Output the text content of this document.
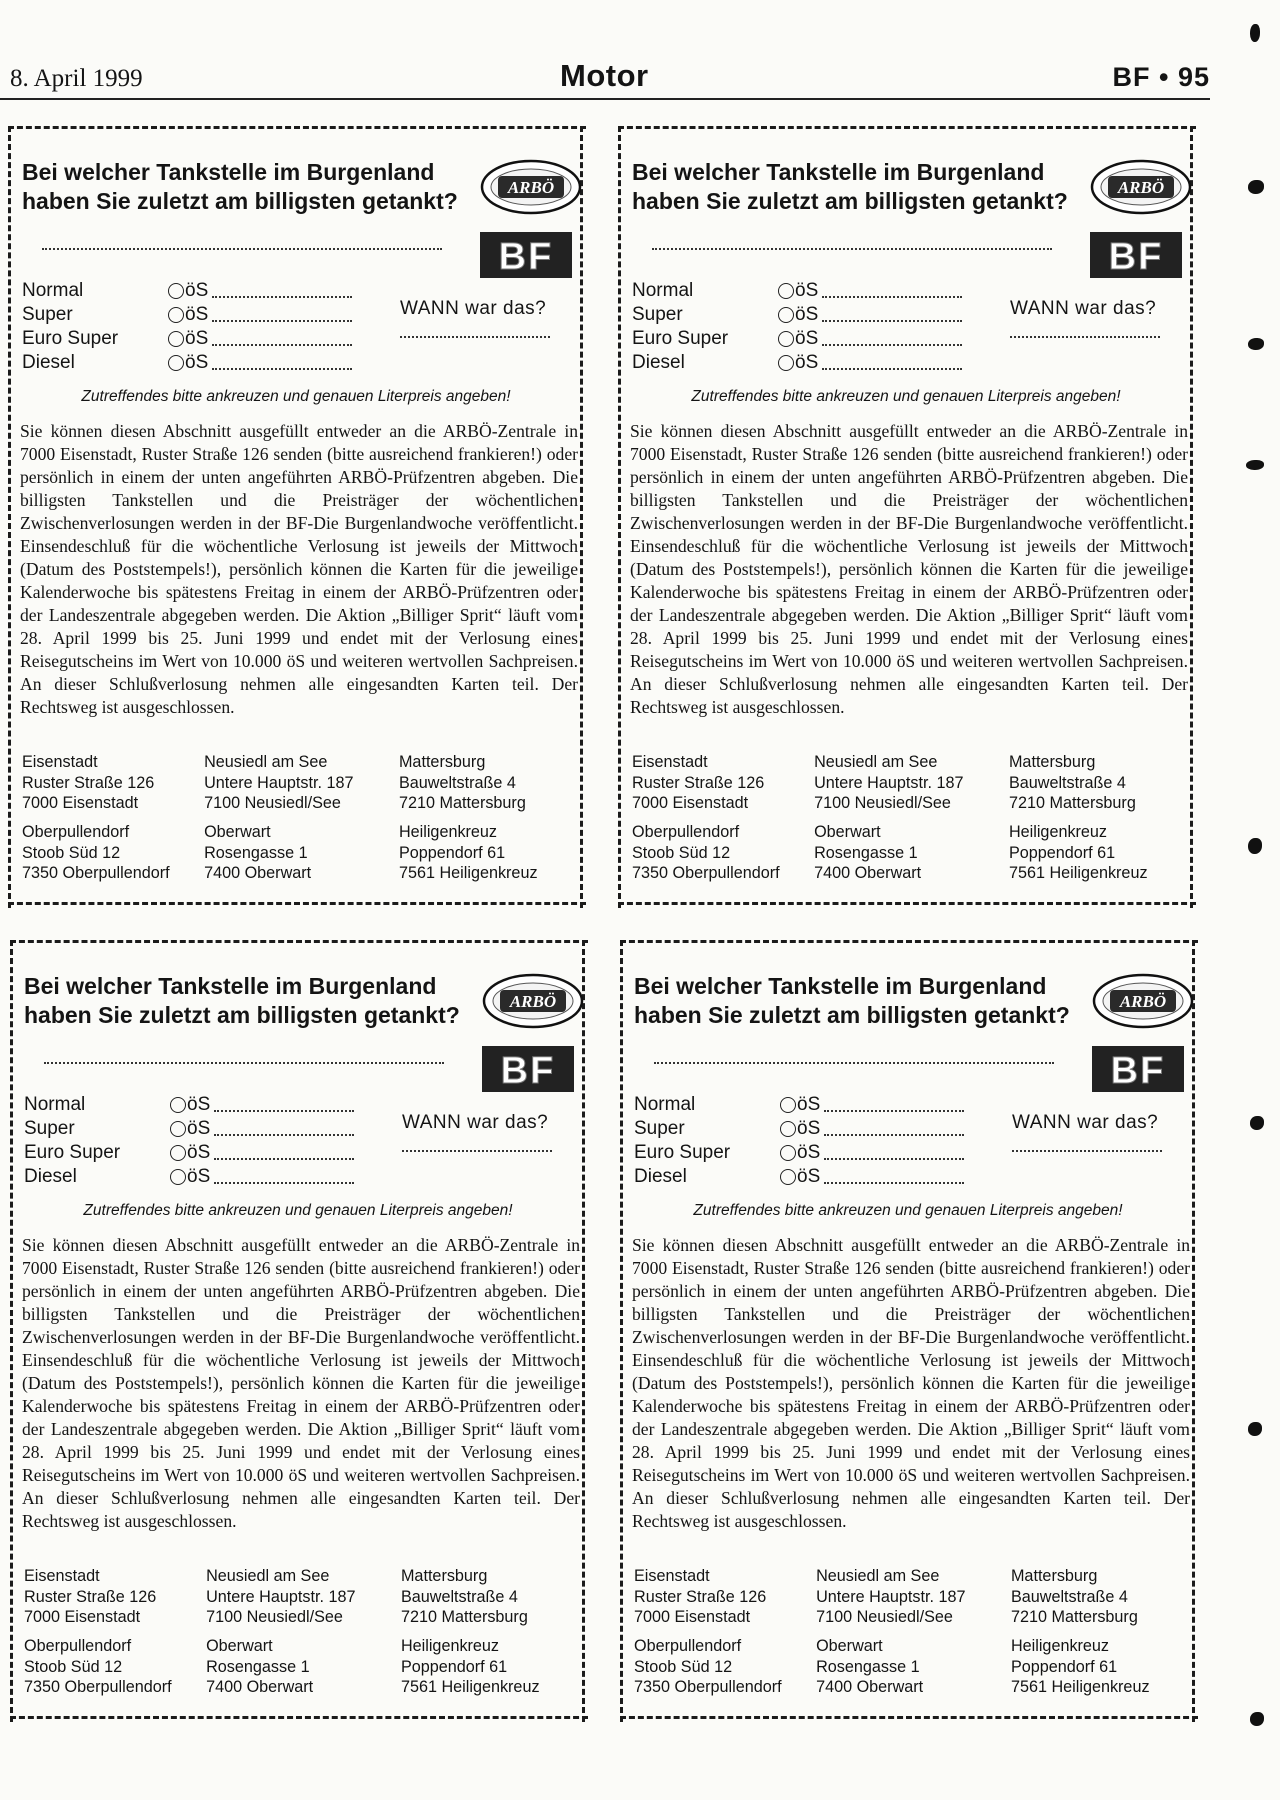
8. April 1999	Motor	BF • 95
Bei welcher Tankstelle im Burgenland haben Sie zuletzt am billigsten getankt?
ARBÖ
BF
Normal	öS
Super	öS
Euro Super	öS
Diesel	öS
WANN war das?
Zutreffendes bitte ankreuzen und genauen Literpreis angeben!
Sie können diesen Abschnitt ausgefüllt entweder an die ARBÖ-Zentrale in 7000 Eisenstadt, Ruster Straße 126 senden (bitte ausreichend frankieren!) oder persönlich in einem der unten angeführten ARBÖ-Prüfzentren abgeben. Die billigsten Tankstellen und die Preisträger der wöchentlichen Zwischenverlosungen werden in der BF-Die Burgenlandwoche veröffentlicht. Einsendeschluß für die wöchentliche Verlosung ist jeweils der Mittwoch (Datum des Poststempels!), persönlich können die Karten für die jeweilige Kalenderwoche bis spätestens Freitag in einem der ARBÖ-Prüfzentren oder der Landeszentrale abgegeben werden. Die Aktion „Billiger Sprit“ läuft vom 28. April 1999 bis 25. Juni 1999 und endet mit der Verlosung eines Reisegutscheins im Wert von 10.000 öS und weiteren wertvollen Sachpreisen. An dieser Schlußverlosung nehmen alle eingesandten Karten teil. Der Rechtsweg ist ausgeschlossen.
Eisenstadt
Ruster Straße 126
7000 Eisenstadt
Neusiedl am See
Untere Hauptstr. 187
7100 Neusiedl/See
Mattersburg
Bauweltstraße 4
7210 Mattersburg
Oberpullendorf
Stoob Süd 12
7350 Oberpullendorf
Oberwart
Rosengasse 1
7400 Oberwart
Heiligenkreuz
Poppendorf 61
7561 Heiligenkreuz
Bei welcher Tankstelle im Burgenland haben Sie zuletzt am billigsten getankt?
ARBÖ
BF
Normal	öS
Super	öS
Euro Super	öS
Diesel	öS
WANN war das?
Zutreffendes bitte ankreuzen und genauen Literpreis angeben!
Sie können diesen Abschnitt ausgefüllt entweder an die ARBÖ-Zentrale in 7000 Eisenstadt, Ruster Straße 126 senden (bitte ausreichend frankieren!) oder persönlich in einem der unten angeführten ARBÖ-Prüfzentren abgeben. Die billigsten Tankstellen und die Preisträger der wöchentlichen Zwischenverlosungen werden in der BF-Die Burgenlandwoche veröffentlicht. Einsendeschluß für die wöchentliche Verlosung ist jeweils der Mittwoch (Datum des Poststempels!), persönlich können die Karten für die jeweilige Kalenderwoche bis spätestens Freitag in einem der ARBÖ-Prüfzentren oder der Landeszentrale abgegeben werden. Die Aktion „Billiger Sprit“ läuft vom 28. April 1999 bis 25. Juni 1999 und endet mit der Verlosung eines Reisegutscheins im Wert von 10.000 öS und weiteren wertvollen Sachpreisen. An dieser Schlußverlosung nehmen alle eingesandten Karten teil. Der Rechtsweg ist ausgeschlossen.
Eisenstadt
Ruster Straße 126
7000 Eisenstadt
Neusiedl am See
Untere Hauptstr. 187
7100 Neusiedl/See
Mattersburg
Bauweltstraße 4
7210 Mattersburg
Oberpullendorf
Stoob Süd 12
7350 Oberpullendorf
Oberwart
Rosengasse 1
7400 Oberwart
Heiligenkreuz
Poppendorf 61
7561 Heiligenkreuz
Bei welcher Tankstelle im Burgenland haben Sie zuletzt am billigsten getankt?
ARBÖ
BF
Normal	öS
Super	öS
Euro Super	öS
Diesel	öS
WANN war das?
Zutreffendes bitte ankreuzen und genauen Literpreis angeben!
Sie können diesen Abschnitt ausgefüllt entweder an die ARBÖ-Zentrale in 7000 Eisenstadt, Ruster Straße 126 senden (bitte ausreichend frankieren!) oder persönlich in einem der unten angeführten ARBÖ-Prüfzentren abgeben. Die billigsten Tankstellen und die Preisträger der wöchentlichen Zwischenverlosungen werden in der BF-Die Burgenlandwoche veröffentlicht. Einsendeschluß für die wöchentliche Verlosung ist jeweils der Mittwoch (Datum des Poststempels!), persönlich können die Karten für die jeweilige Kalenderwoche bis spätestens Freitag in einem der ARBÖ-Prüfzentren oder der Landeszentrale abgegeben werden. Die Aktion „Billiger Sprit“ läuft vom 28. April 1999 bis 25. Juni 1999 und endet mit der Verlosung eines Reisegutscheins im Wert von 10.000 öS und weiteren wertvollen Sachpreisen. An dieser Schlußverlosung nehmen alle eingesandten Karten teil. Der Rechtsweg ist ausgeschlossen.
Eisenstadt
Ruster Straße 126
7000 Eisenstadt
Neusiedl am See
Untere Hauptstr. 187
7100 Neusiedl/See
Mattersburg
Bauweltstraße 4
7210 Mattersburg
Oberpullendorf
Stoob Süd 12
7350 Oberpullendorf
Oberwart
Rosengasse 1
7400 Oberwart
Heiligenkreuz
Poppendorf 61
7561 Heiligenkreuz
Bei welcher Tankstelle im Burgenland haben Sie zuletzt am billigsten getankt?
ARBÖ
BF
Normal	öS
Super	öS
Euro Super	öS
Diesel	öS
WANN war das?
Zutreffendes bitte ankreuzen und genauen Literpreis angeben!
Sie können diesen Abschnitt ausgefüllt entweder an die ARBÖ-Zentrale in 7000 Eisenstadt, Ruster Straße 126 senden (bitte ausreichend frankieren!) oder persönlich in einem der unten angeführten ARBÖ-Prüfzentren abgeben. Die billigsten Tankstellen und die Preisträger der wöchentlichen Zwischenverlosungen werden in der BF-Die Burgenlandwoche veröffentlicht. Einsendeschluß für die wöchentliche Verlosung ist jeweils der Mittwoch (Datum des Poststempels!), persönlich können die Karten für die jeweilige Kalenderwoche bis spätestens Freitag in einem der ARBÖ-Prüfzentren oder der Landeszentrale abgegeben werden. Die Aktion „Billiger Sprit“ läuft vom 28. April 1999 bis 25. Juni 1999 und endet mit der Verlosung eines Reisegutscheins im Wert von 10.000 öS und weiteren wertvollen Sachpreisen. An dieser Schlußverlosung nehmen alle eingesandten Karten teil. Der Rechtsweg ist ausgeschlossen.
Eisenstadt
Ruster Straße 126
7000 Eisenstadt
Neusiedl am See
Untere Hauptstr. 187
7100 Neusiedl/See
Mattersburg
Bauweltstraße 4
7210 Mattersburg
Oberpullendorf
Stoob Süd 12
7350 Oberpullendorf
Oberwart
Rosengasse 1
7400 Oberwart
Heiligenkreuz
Poppendorf 61
7561 Heiligenkreuz
